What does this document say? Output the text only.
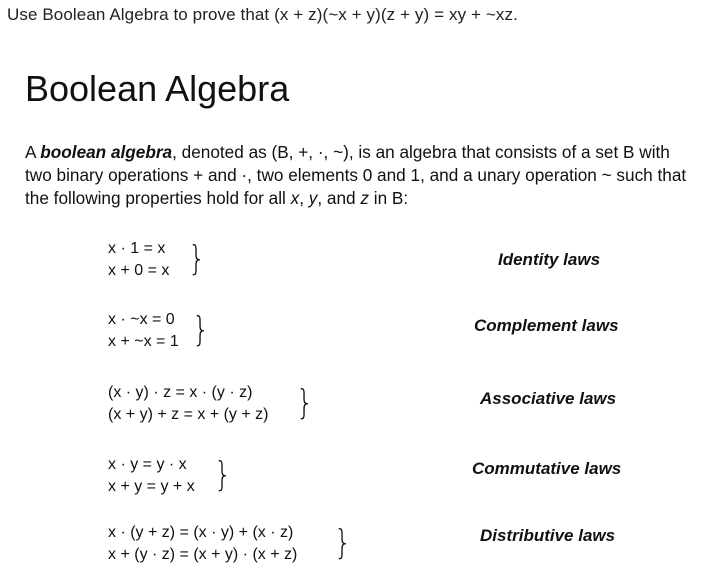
Use Boolean Algebra to prove that (x + z)(~x + y)(z + y) = xy + ~xz.
Boolean Algebra
A boolean algebra, denoted as (B, +, ·, ~), is an algebra that consists of a set B with two binary operations + and ·, two elements 0 and 1, and a unary operation ~ such that the following properties hold for all x, y, and z in B:
x · 1 = x
x + 0 = x }	Identity laws
x · ~x = 0
x + ~x = 1 }	Complement laws
(x · y) · z = x · (y · z)
(x + y) + z = x + (y + z) }	Associative laws
x · y = y · x
x + y = y + x }	Commutative laws
x · (y + z) = (x · y) + (x · z)
x + (y · z) = (x + y) · (x + z) }	Distributive laws
